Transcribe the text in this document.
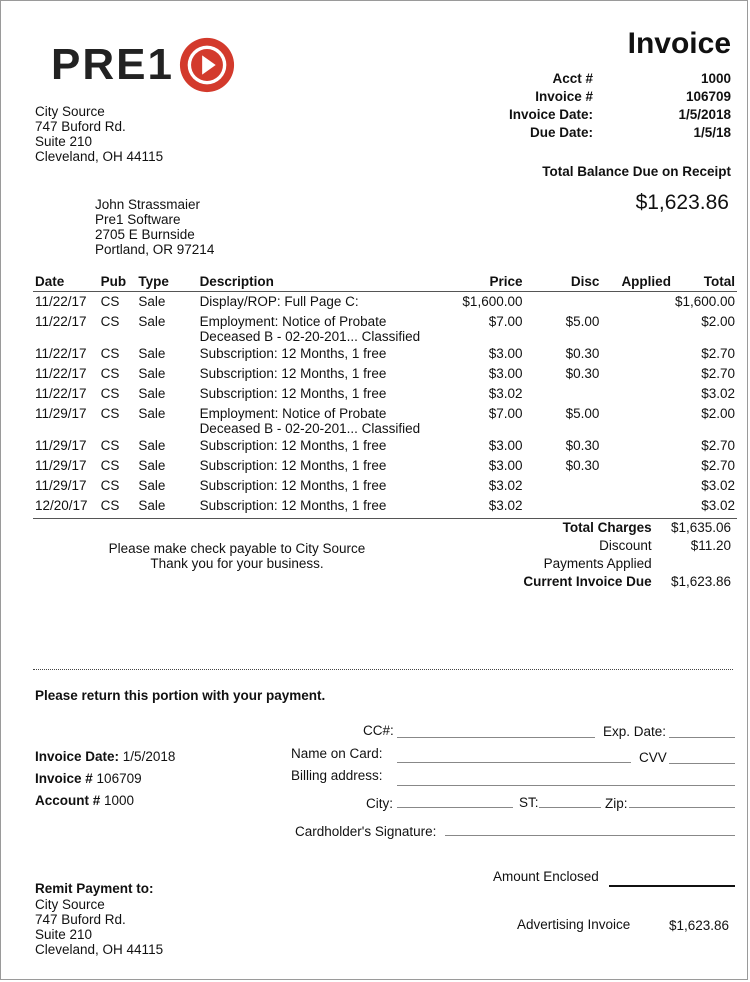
PRE1
City Source
747 Buford Rd.
Suite 210
Cleveland, OH 44115
John Strassmaier
Pre1 Software
2705 E Burnside
Portland, OR 97214
Invoice
Acct #	1000
Invoice #	106709
Invoice Date:	1/5/2018
Due Date:	1/5/18
Total Balance Due on Receipt
$1,623.86
Date	Pub	Type	Description	Price	Disc	Applied	Total
11/22/17	CS	Sale	Display/ROP: Full Page C:	$1,600.00			$1,600.00
11/22/17	CS	Sale	Employment: Notice of Probate
Deceased B - 02-20-201... Classified	$7.00	$5.00		$2.00
11/22/17	CS	Sale	Subscription: 12 Months, 1 free	$3.00	$0.30		$2.70
11/22/17	CS	Sale	Subscription: 12 Months, 1 free	$3.00	$0.30		$2.70
11/22/17	CS	Sale	Subscription: 12 Months, 1 free	$3.02			$3.02
11/29/17	CS	Sale	Employment: Notice of Probate
Deceased B - 02-20-201... Classified	$7.00	$5.00		$2.00
11/29/17	CS	Sale	Subscription: 12 Months, 1 free	$3.00	$0.30		$2.70
11/29/17	CS	Sale	Subscription: 12 Months, 1 free	$3.00	$0.30		$2.70
11/29/17	CS	Sale	Subscription: 12 Months, 1 free	$3.02			$3.02
12/20/17	CS	Sale	Subscription: 12 Months, 1 free	$3.02			$3.02
Please make check payable to City Source
Thank you for your business.
Total Charges	$1,635.06
Discount	$11.20
Payments Applied
Current Invoice Due	$1,623.86
Please return this portion with your payment.
Invoice Date: 1/5/2018
Invoice # 106709
Account # 1000
CC#:	Exp. Date:
Name on Card:	CVV
Billing address:
City:	ST:	Zip:
Cardholder's Signature:
Remit Payment to:
City Source
747 Buford Rd.
Suite 210
Cleveland, OH 44115
Amount Enclosed
Advertising Invoice	$1,623.86
